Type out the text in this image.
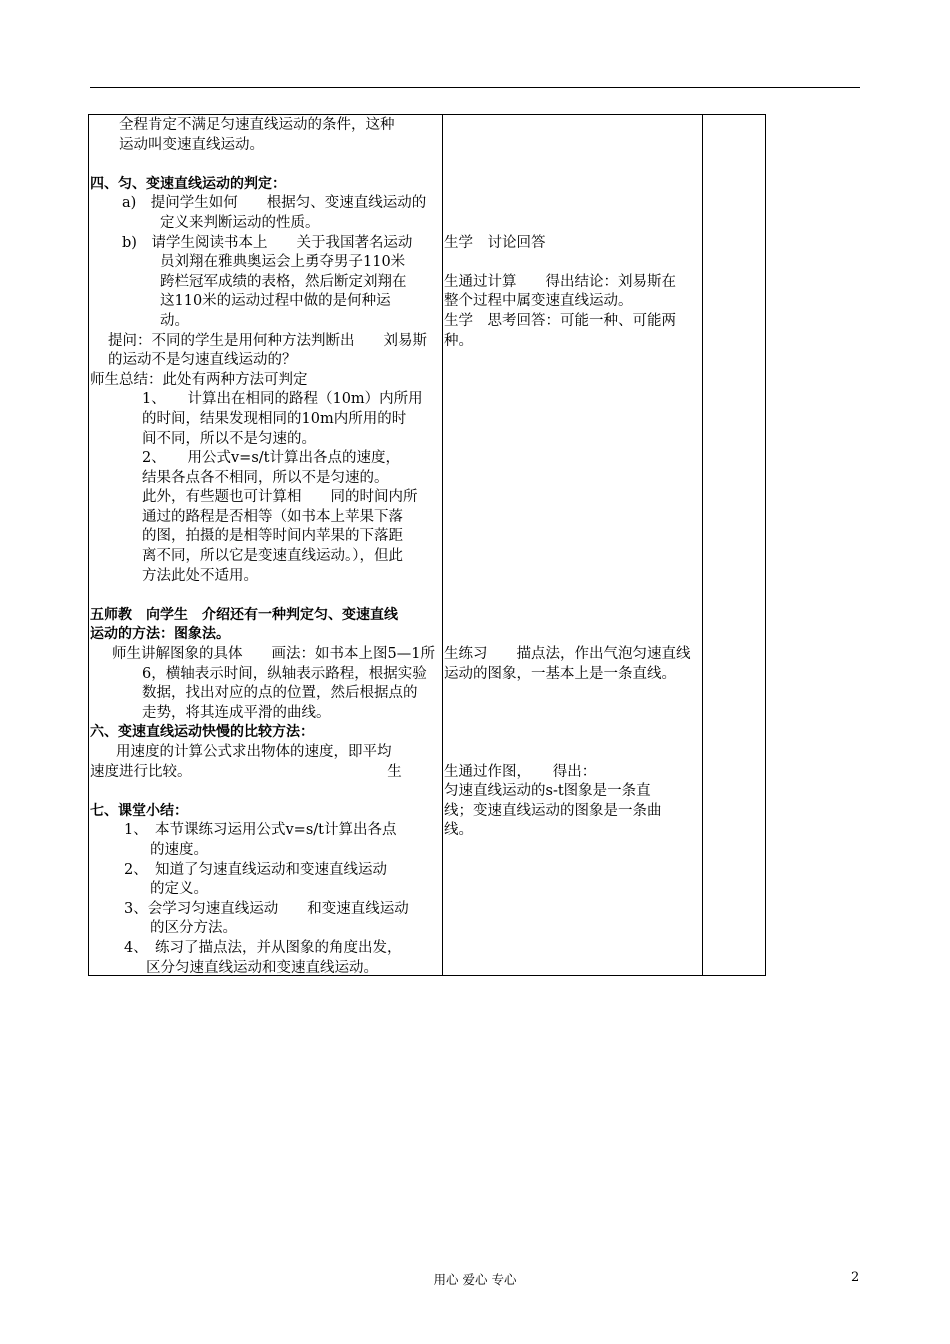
　　全程肯定不满足匀速直线运动的条件，这种
　　运动叫变速直线运动。
四、匀、变速直线运动的判定：
a)　提问学生如何　　根据匀、变速直线运动的
定义来判断运动的性质。
b)　请学生阅读书本上　　关于我国著名运动
员刘翔在雅典奥运会上勇夺男子110米
跨栏冠军成绩的表格，然后断定刘翔在
这110米的运动过程中做的是何种运
动。
提问：不同的学生是用何种方法判断出　　刘易斯
的运动不是匀速直线运动的？
师生总结：此处有两种方法可判定
1、　　计算出在相同的路程（10m）内所用
的时间，结果发现相同的10m内所用的时
间不同，所以不是匀速的。
2、　　用公式v=s/t计算出各点的速度，
结果各点各不相同，所以不是匀速的。
此外，有些题也可计算相　　同的时间内所
通过的路程是否相等（如书本上苹果下落
的图，拍摄的是相等时间内苹果的下落距
离不同，所以它是变速直线运动。），但此
方法此处不适用。
五师教　向学生　介绍还有一种判定匀、变速直线
运动的方法：图象法。
师生讲解图象的具体　　画法：如书本上图5—1所
6，横轴表示时间，纵轴表示路程，根据实验
数据，找出对应的点的位置，然后根据点的
走势，将其连成平滑的曲线。
六、变速直线运动快慢的比较方法：
用速度的计算公式求出物体的速度，即平均
速度进行比较。　　　　　　　　　　　　　　生
七、课堂小结：
1、　本节课练习运用公式v=s/t计算出各点
的速度。
2、　知道了匀速直线运动和变速直线运动
的定义。
3、会学习匀速直线运动　　和变速直线运动
的区分方法。
4、　练习了描点法，并从图象的角度出发，
区分匀速直线运动和变速直线运动。
生学　讨论回答
生通过计算　　得出结论：刘易斯在
整个过程中属变速直线运动。
生学　思考回答：可能一种、可能两
种。
生练习　　描点法，作出气泡匀速直线
运动的图象，一基本上是一条直线。
生通过作图，　　得出：
匀速直线运动的s-t图象是一条直
线；变速直线运动的图象是一条曲
线。
用心 爱心 专心	2
